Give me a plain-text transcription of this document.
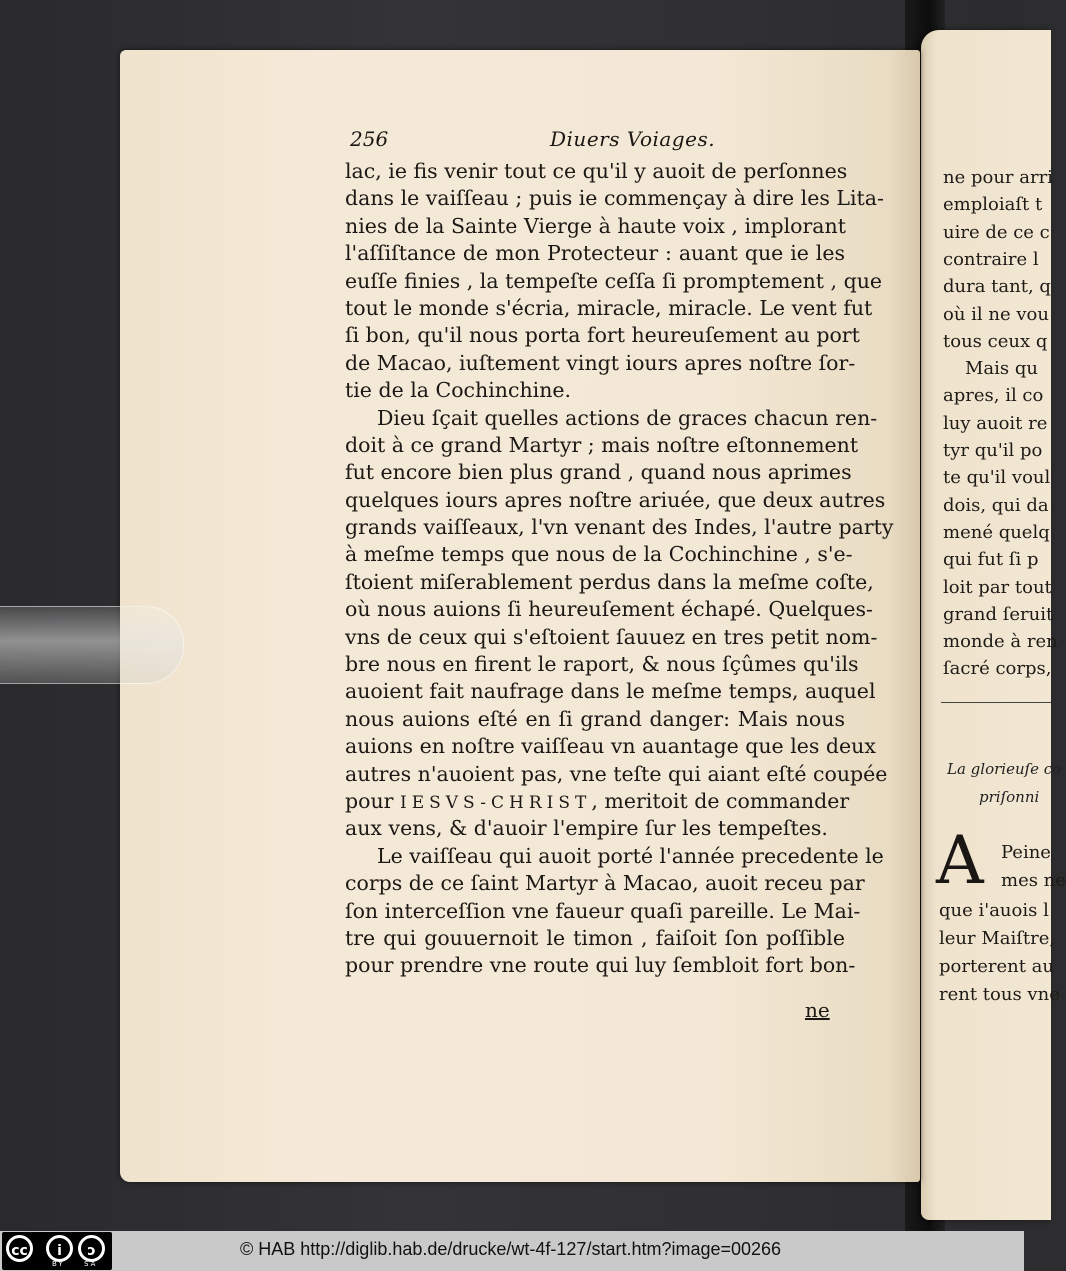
La glorieuſe co
priſonni
A
ne pour arri
emploiaſt t
uire de ce c
contraire l
dura tant, q
où il ne vou
tous ceux q
Mais qu
apres, il co
luy auoit re
tyr qu'il po
te qu'il voul
dois, qui da
mené quelq
qui fut ſi p
loit par tout
grand ſeruit
monde à ren
ſacré corps,
Peine
mes ne
que i'auois l
leur Maiſtre,
porterent au
rent tous vne
256	Diuers Voiages.
lac, ie fis venir tout ce qu'il y auoit de perſonnes
dans le vaiſſeau ; puis ie commençay à dire les Lita-
nies de la Sainte Vierge à haute voix , implorant
l'aſſiſtance de mon Protecteur : auant que ie les
euſſe finies , la tempeſte ceſſa ſi promptement , que
tout le monde s'écria, miracle, miracle. Le vent fut
ſi bon, qu'il nous porta fort heureuſement au port
de Macao, iuſtement vingt iours apres noſtre ſor-
tie de la Cochinchine.
Dieu ſçait quelles actions de graces chacun ren-
doit à ce grand Martyr ; mais noſtre eſtonnement
fut encore bien plus grand , quand nous aprimes
quelques iours apres noſtre ariuée, que deux autres
grands vaiſſeaux, l'vn venant des Indes, l'autre party
à meſme temps que nous de la Cochinchine , s'e-
ſtoient miſerablement perdus dans la meſme coſte,
où nous auions ſi heureuſement échapé. Quelques-
vns de ceux qui s'eſtoient ſauuez en tres petit nom-
bre nous en firent le raport, & nous ſçûmes qu'ils
auoient fait naufrage dans le meſme temps, auquel
nous auions eſté en ſi grand danger: Mais nous
auions en noſtre vaiſſeau vn auantage que les deux
autres n'auoient pas, vne teſte qui aiant eſté coupée
pour IESVS-CHRIST, meritoit de commander
aux vens, & d'auoir l'empire ſur les tempeſtes.
Le vaiſſeau qui auoit porté l'année precedente le
corps de ce ſaint Martyr à Macao, auoit receu par
ſon interceſſion vne faueur quaſi pareille. Le Mai-
tre qui gouuernoit le timon , faiſoit ſon poſſible
pour prendre vne route qui luy ſembloit fort bon-
ne
cc	i	ↄ
BY	SA
© HAB http://diglib.hab.de/drucke/wt-4f-127/start.htm?image=00266
